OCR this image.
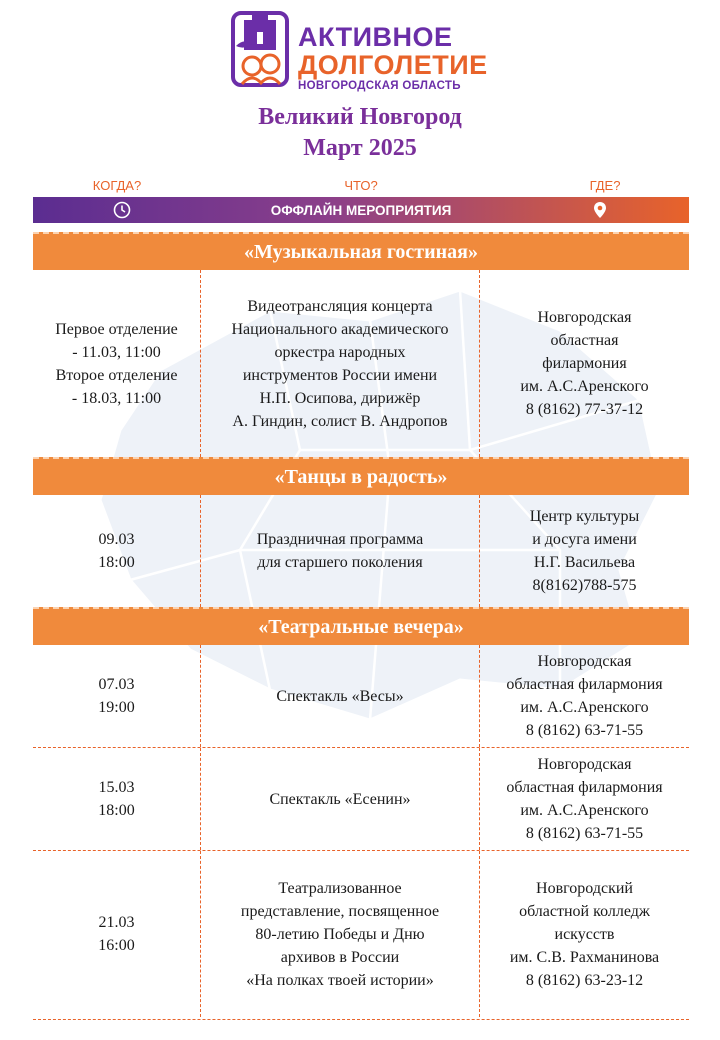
АКТИВНОЕ
ДОЛГОЛЕТИЕ
НОВГОРОДСКАЯ ОБЛАСТЬ
Великий Новгород
Март 2025
КОГДА?	ЧТО?	ГДЕ?
ОФФЛАЙН МЕРОПРИЯТИЯ
«Музыкальная гостиная»
Первое отделение
- 11.03, 11:00
Второе отделение
- 18.03, 11:00
Видеотрансляция концерта
Национального академического
оркестра народных
инструментов России имени
Н.П. Осипова, дирижёр
А. Гиндин, солист В. Андропов
Новгородская
областная
филармония
им. А.С.Аренского
8 (8162) 77-37-12
«Танцы в радость»
09.03
18:00
Праздничная программа
для старшего поколения
Центр культуры
и досуга имени
Н.Г. Васильева
8(8162)788-575
«Театральные вечера»
07.03
19:00
Спектакль «Весы»
Новгородская
областная филармония
им. А.С.Аренского
8 (8162) 63-71-55
15.03
18:00
Спектакль «Есенин»
Новгородская
областная филармония
им. А.С.Аренского
8 (8162) 63-71-55
21.03
16:00
Театрализованное
представление, посвященное
80-летию Победы и Дню
архивов в России
«На полках твоей истории»
Новгородский
областной колледж
искусств
им. С.В. Рахманинова
8 (8162) 63-23-12
